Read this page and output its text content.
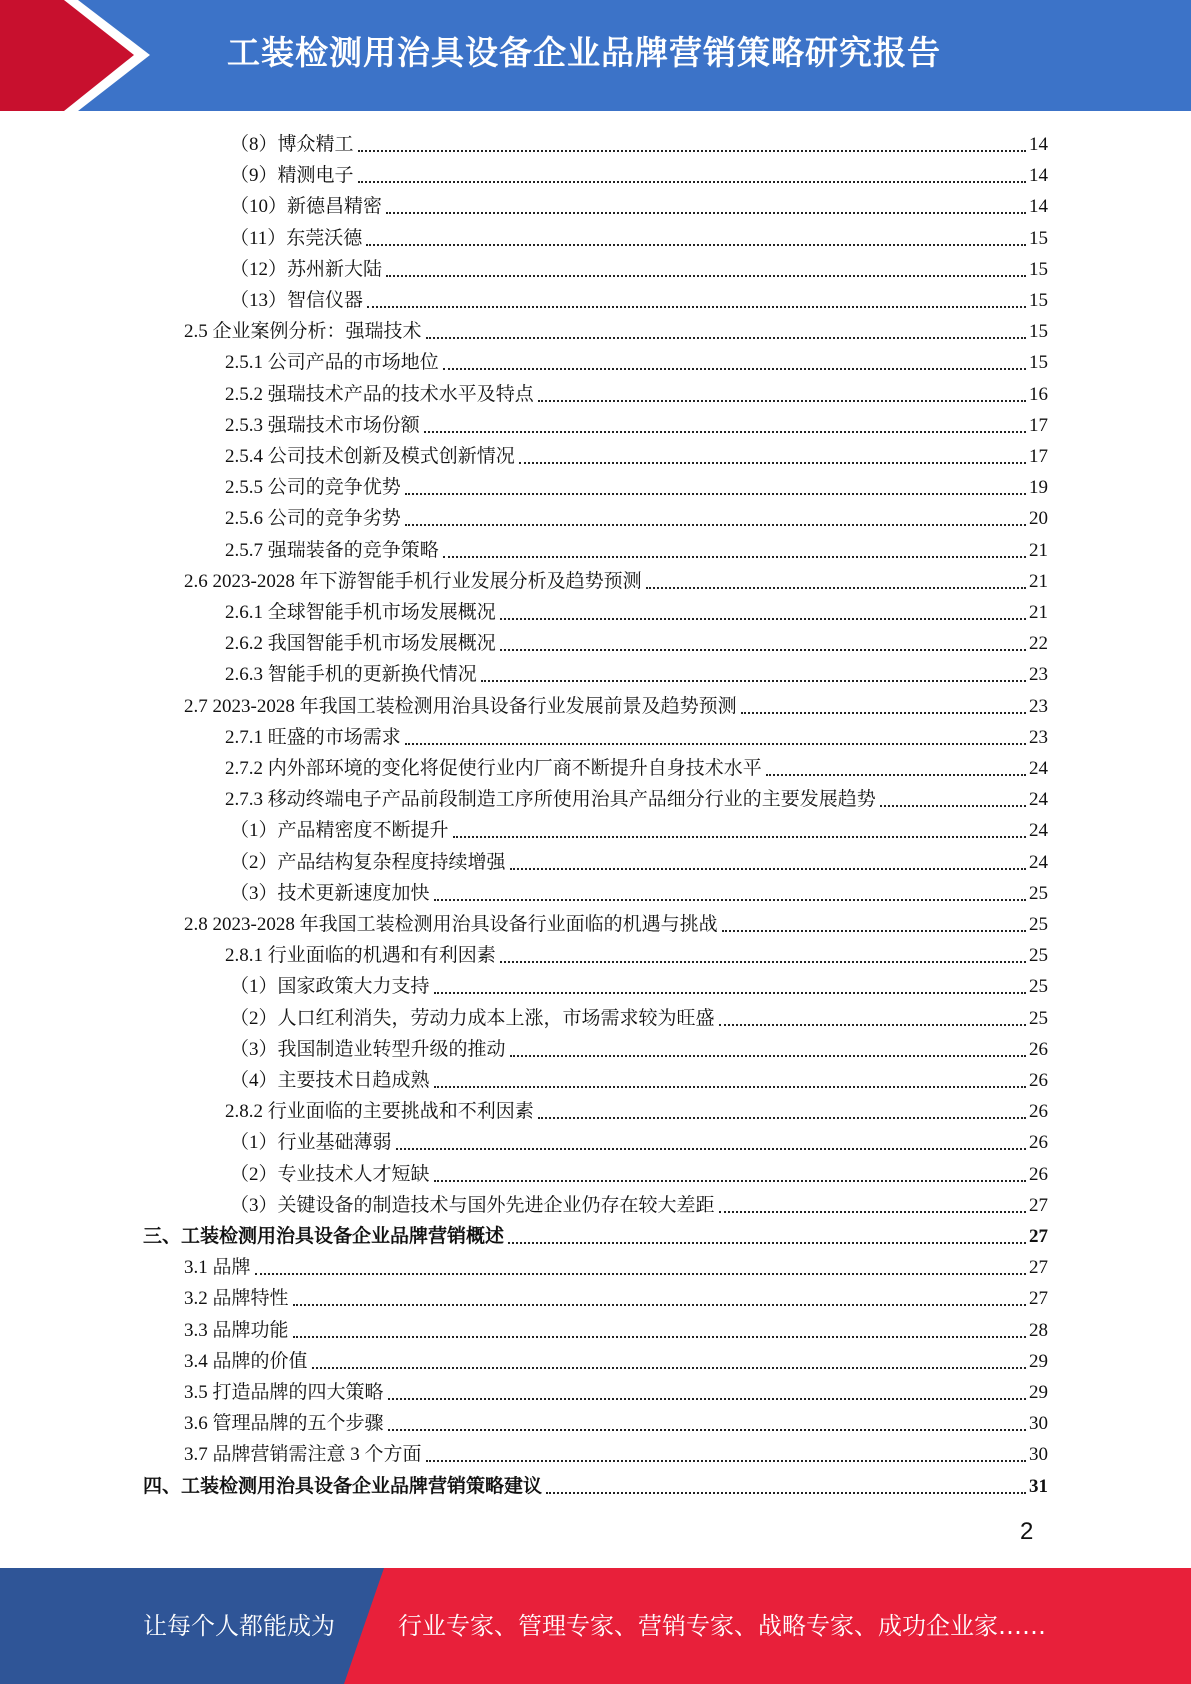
工装检测用治具设备企业品牌营销策略研究报告
（8）博众精工	14
（9）精测电子	14
（10）新德昌精密	14
（11）东莞沃德	15
（12）苏州新大陆	15
（13）智信仪器	15
2.5 企业案例分析：强瑞技术	15
2.5.1 公司产品的市场地位	15
2.5.2 强瑞技术产品的技术水平及特点	16
2.5.3 强瑞技术市场份额	17
2.5.4 公司技术创新及模式创新情况	17
2.5.5 公司的竞争优势	19
2.5.6 公司的竞争劣势	20
2.5.7 强瑞装备的竞争策略	21
2.6 2023-2028 年下游智能手机行业发展分析及趋势预测	21
2.6.1 全球智能手机市场发展概况	21
2.6.2 我国智能手机市场发展概况	22
2.6.3 智能手机的更新换代情况	23
2.7 2023-2028 年我国工装检测用治具设备行业发展前景及趋势预测	23
2.7.1 旺盛的市场需求	23
2.7.2 内外部环境的变化将促使行业内厂商不断提升自身技术水平	24
2.7.3 移动终端电子产品前段制造工序所使用治具产品细分行业的主要发展趋势	24
（1）产品精密度不断提升	24
（2）产品结构复杂程度持续增强	24
（3）技术更新速度加快	25
2.8 2023-2028 年我国工装检测用治具设备行业面临的机遇与挑战	25
2.8.1 行业面临的机遇和有利因素	25
（1）国家政策大力支持	25
（2）人口红利消失，劳动力成本上涨，市场需求较为旺盛	25
（3）我国制造业转型升级的推动	26
（4）主要技术日趋成熟	26
2.8.2 行业面临的主要挑战和不利因素	26
（1）行业基础薄弱	26
（2）专业技术人才短缺	26
（3）关键设备的制造技术与国外先进企业仍存在较大差距	27
三、工装检测用治具设备企业品牌营销概述	27
3.1 品牌	27
3.2 品牌特性	27
3.3 品牌功能	28
3.4 品牌的价值	29
3.5 打造品牌的四大策略	29
3.6 管理品牌的五个步骤	30
3.7 品牌营销需注意 3 个方面	30
四、工装检测用治具设备企业品牌营销策略建议	31
2
让每个人都能成为	行业专家、管理专家、营销专家、战略专家、成功企业家……
